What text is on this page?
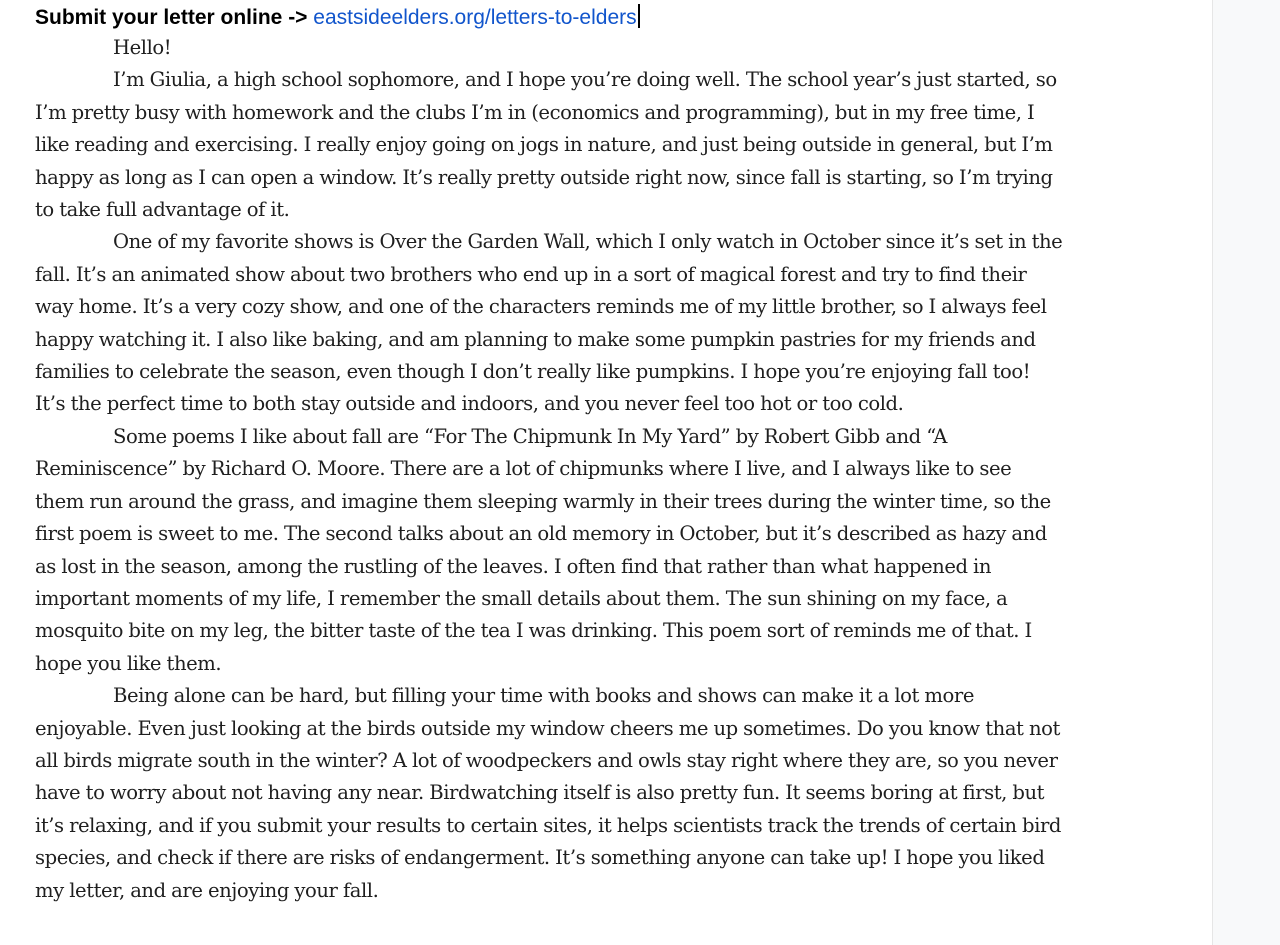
Submit your letter online -> eastsideelders.org/letters-to-elders

Hello!

I’m Giulia, a high school sophomore, and I hope you’re doing well. The school year’s just started, so I’m pretty busy with homework and the clubs I’m in (economics and programming), but in my free time, I like reading and exercising. I really enjoy going on jogs in nature, and just being outside in general, but I’m happy as long as I can open a window. It’s really pretty outside right now, since fall is starting, so I’m trying to take full advantage of it.

One of my favorite shows is Over the Garden Wall, which I only watch in October since it’s set in the fall. It’s an animated show about two brothers who end up in a sort of magical forest and try to find their way home. It’s a very cozy show, and one of the characters reminds me of my little brother, so I always feel happy watching it. I also like baking, and am planning to make some pumpkin pastries for my friends and families to celebrate the season, even though I don’t really like pumpkins. I hope you’re enjoying fall too! It’s the perfect time to both stay outside and indoors, and you never feel too hot or too cold.

Some poems I like about fall are “For The Chipmunk In My Yard” by Robert Gibb and “A Reminiscence” by Richard O. Moore. There are a lot of chipmunks where I live, and I always like to see them run around the grass, and imagine them sleeping warmly in their trees during the winter time, so the first poem is sweet to me. The second talks about an old memory in October, but it’s described as hazy and as lost in the season, among the rustling of the leaves. I often find that rather than what happened in important moments of my life, I remember the small details about them. The sun shining on my face, a mosquito bite on my leg, the bitter taste of the tea I was drinking. This poem sort of reminds me of that. I hope you like them.

Being alone can be hard, but filling your time with books and shows can make it a lot more enjoyable. Even just looking at the birds outside my window cheers me up sometimes. Do you know that not all birds migrate south in the winter? A lot of woodpeckers and owls stay right where they are, so you never have to worry about not having any near. Birdwatching itself is also pretty fun. It seems boring at first, but it’s relaxing, and if you submit your results to certain sites, it helps scientists track the trends of certain bird species, and check if there are risks of endangerment. It’s something anyone can take up! I hope you liked my letter, and are enjoying your fall.
